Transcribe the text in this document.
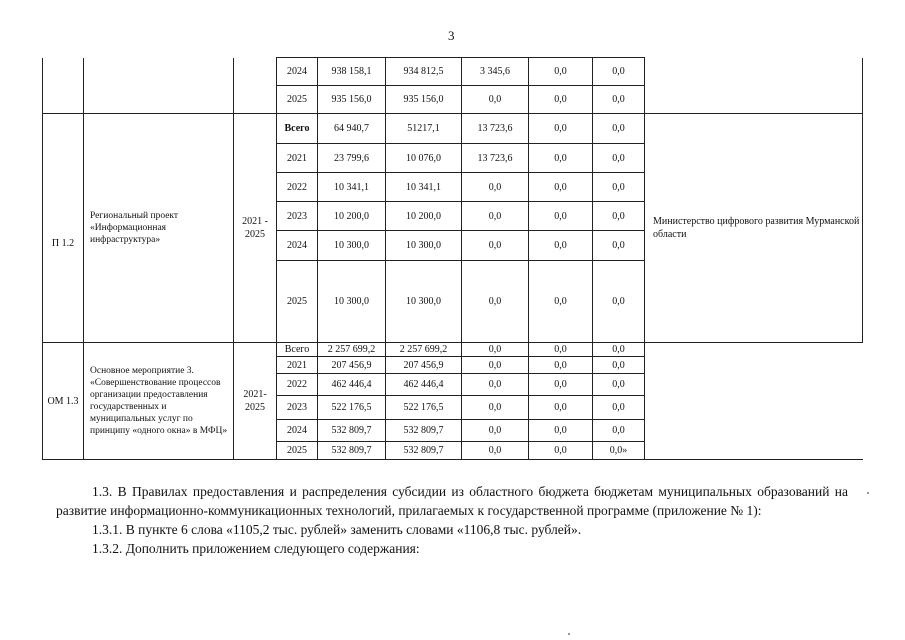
3
			2024	938 158,1	934 812,5	3 345,6	0,0	0,0	
			2025	935 156,0	935 156,0	0,0	0,0	0,0	
П 1.2	Региональный проект «Информационная инфраструктура»	2021 - 2025	Всего	64 940,7	51217,1	13 723,6	0,0	0,0	Министерство цифрового развития Мурманской области
			2021	23 799,6	10 076,0	13 723,6	0,0	0,0	
			2022	10 341,1	10 341,1	0,0	0,0	0,0	
			2023	10 200,0	10 200,0	0,0	0,0	0,0	
			2024	10 300,0	10 300,0	0,0	0,0	0,0	
			2025	10 300,0	10 300,0	0,0	0,0	0,0	
ОМ 1.3	Основное мероприятие 3. «Совершенствование процессов организации предоставления государственных и муниципальных услуг по принципу «одного окна» в МФЦ»	2021- 2025	Всего	2 257 699,2	2 257 699,2	0,0	0,0	0,0	
			2021	207 456,9	207 456,9	0,0	0,0	0,0	
			2022	462 446,4	462 446,4	0,0	0,0	0,0	
			2023	522 176,5	522 176,5	0,0	0,0	0,0	
			2024	532 809,7	532 809,7	0,0	0,0	0,0	
			2025	532 809,7	532 809,7	0,0	0,0	0,0»	

1.3. В Правилах предоставления и распределения субсидии из областного бюджета бюджетам муниципальных образований на развитие информационно-коммуникационных технологий, прилагаемых к государственной программе (приложение № 1):

1.3.1. В пункте 6 слова «1105,2 тыс. рублей» заменить словами «1106,8 тыс. рублей».

1.3.2. Дополнить приложением следующего содержания:
